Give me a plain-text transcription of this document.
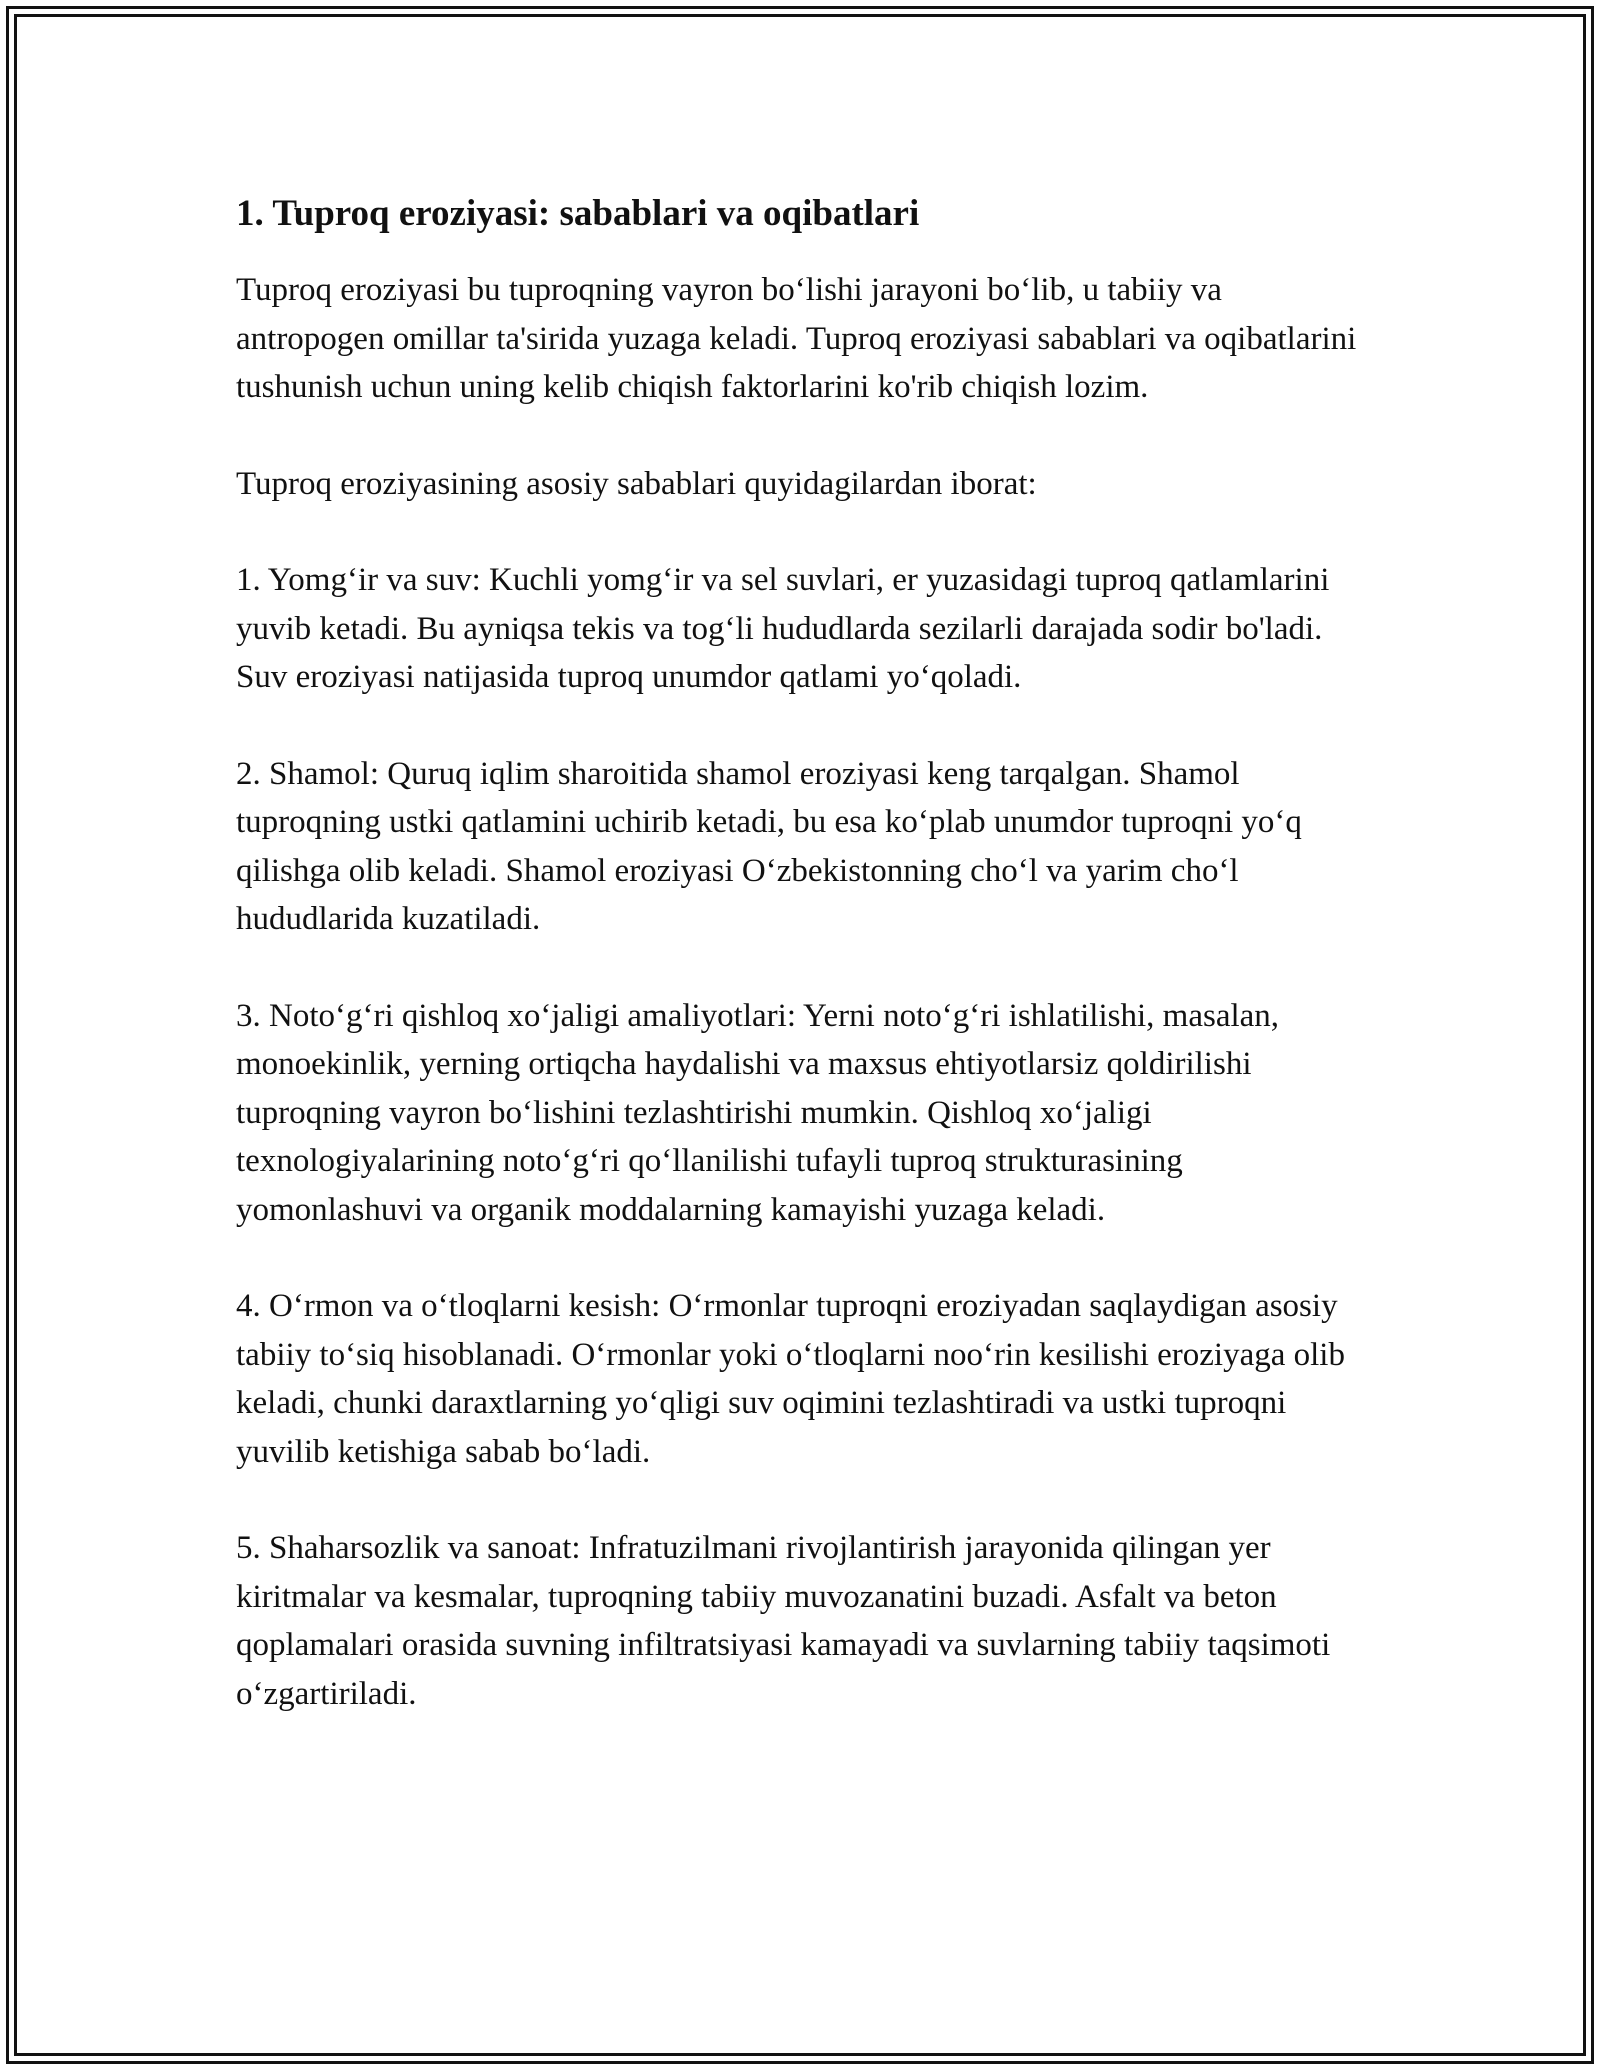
1. Tuproq eroziyasi: sabablari va oqibatlari

Tuproq eroziyasi bu tuproqning vayron bo‘lishi jarayoni bo‘lib, u tabiiy va antropogen omillar ta'sirida yuzaga keladi. Tuproq eroziyasi sabablari va oqibatlarini tushunish uchun uning kelib chiqish faktorlarini ko'rib chiqish lozim.

Tuproq eroziyasining asosiy sabablari quyidagilardan iborat:

1. Yomg‘ir va suv: Kuchli yomg‘ir va sel suvlari, er yuzasidagi tuproq qatlamlarini yuvib ketadi. Bu ayniqsa tekis va tog‘li hududlarda sezilarli darajada sodir bo'ladi. Suv eroziyasi natijasida tuproq unumdor qatlami yo‘qoladi.

2. Shamol: Quruq iqlim sharoitida shamol eroziyasi keng tarqalgan. Shamol tuproqning ustki qatlamini uchirib ketadi, bu esa ko‘plab unumdor tuproqni yo‘q qilishga olib keladi. Shamol eroziyasi O‘zbekistonning cho‘l va yarim cho‘l hududlarida kuzatiladi.

3. Noto‘g‘ri qishloq xo‘jaligi amaliyotlari: Yerni noto‘g‘ri ishlatilishi, masalan, monoekinlik, yerning ortiqcha haydalishi va maxsus ehtiyotlarsiz qoldirilishi tuproqning vayron bo‘lishini tezlashtirishi mumkin. Qishloq xo‘jaligi texnologiyalarining noto‘g‘ri qo‘llanilishi tufayli tuproq strukturasining yomonlashuvi va organik moddalarning kamayishi yuzaga keladi.

4. O‘rmon va o‘tloqlarni kesish: O‘rmonlar tuproqni eroziyadan saqlaydigan asosiy tabiiy to‘siq hisoblanadi. O‘rmonlar yoki o‘tloqlarni noo‘rin kesilishi eroziyaga olib keladi, chunki daraxtlarning yo‘qligi suv oqimini tezlashtiradi va ustki tuproqni yuvilib ketishiga sabab bo‘ladi.

5. Shaharsozlik va sanoat: Infratuzilmani rivojlantirish jarayonida qilingan yer kiritmalar va kesmalar, tuproqning tabiiy muvozanatini buzadi. Asfalt va beton qoplamalari orasida suvning infiltratsiyasi kamayadi va suvlarning tabiiy taqsimoti o‘zgartiriladi.
